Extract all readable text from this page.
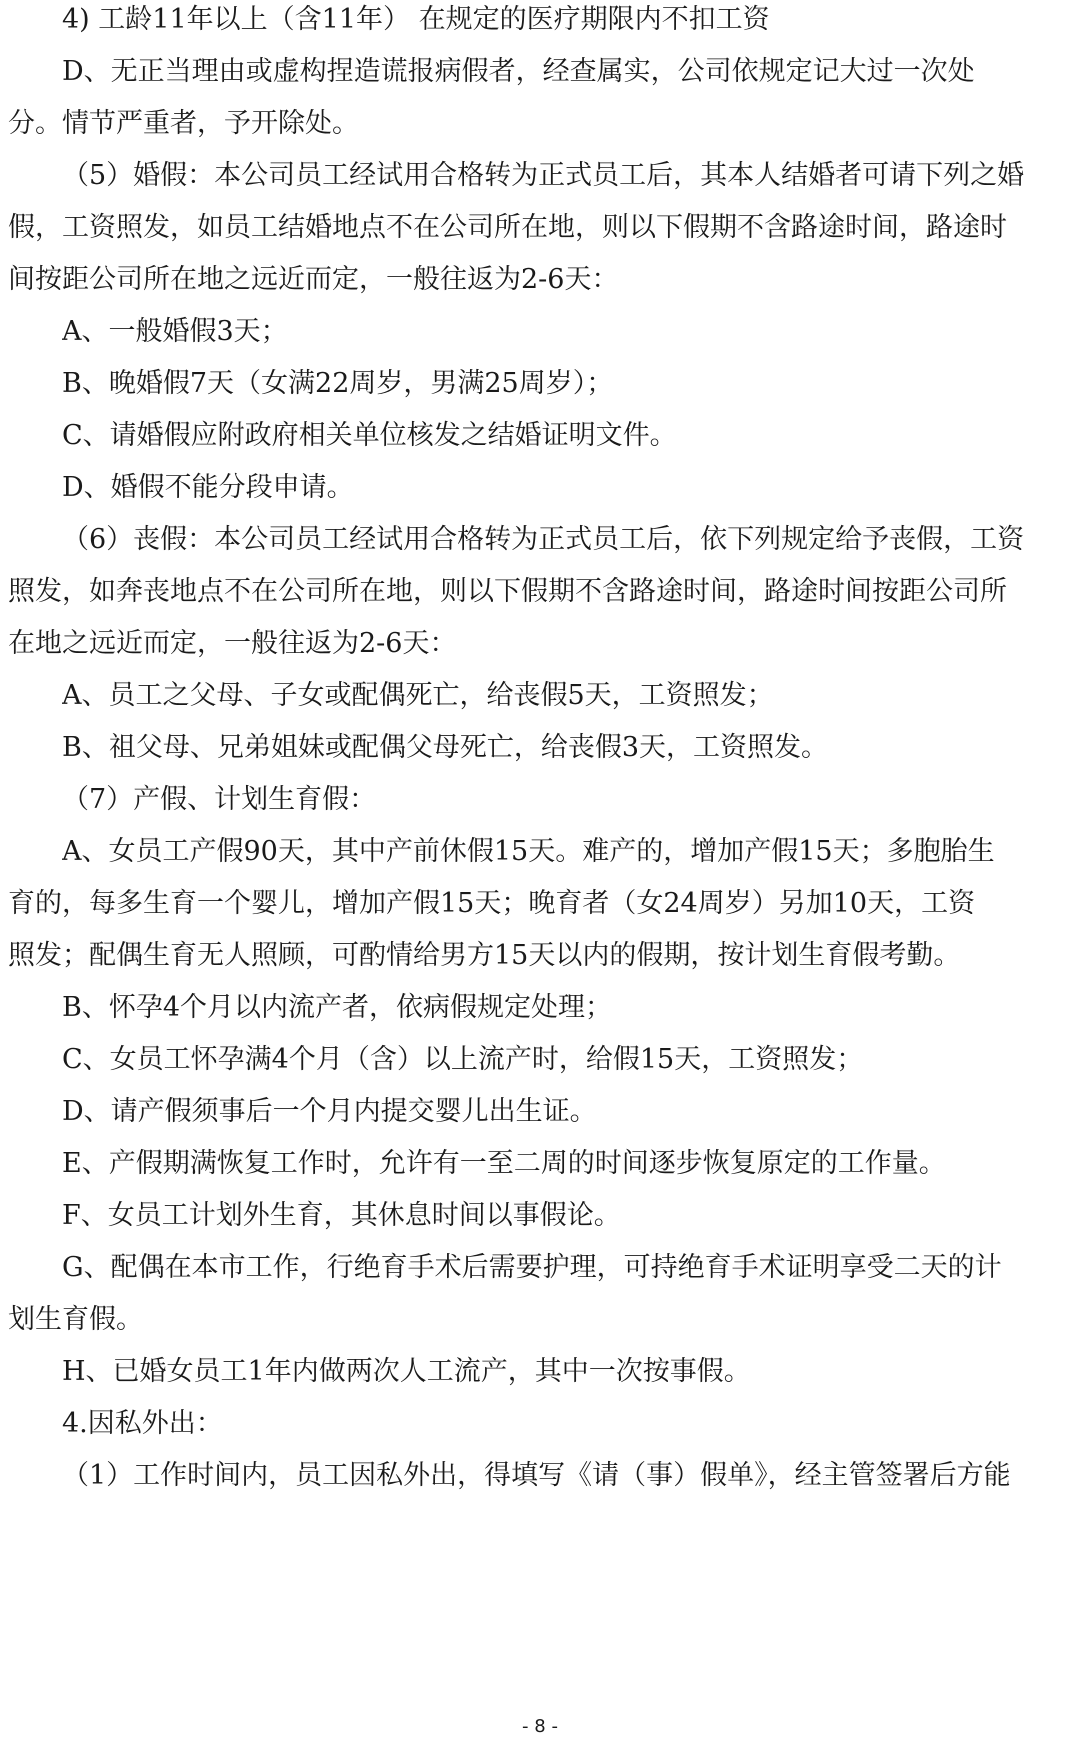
4) 工龄11年以上（含11年） 在规定的医疗期限内不扣工资
D、无正当理由或虚构捏造谎报病假者，经查属实，公司依规定记大过一次处
分。情节严重者，予开除处。
（5）婚假：本公司员工经试用合格转为正式员工后，其本人结婚者可请下列之婚
假，工资照发，如员工结婚地点不在公司所在地，则以下假期不含路途时间，路途时
间按距公司所在地之远近而定，一般往返为2-6天：
A、一般婚假3天；
B、晚婚假7天（女满22周岁，男满25周岁）；
C、请婚假应附政府相关单位核发之结婚证明文件。
D、婚假不能分段申请。
（6）丧假：本公司员工经试用合格转为正式员工后，依下列规定给予丧假，工资
照发，如奔丧地点不在公司所在地，则以下假期不含路途时间，路途时间按距公司所
在地之远近而定，一般往返为2-6天：
A、员工之父母、子女或配偶死亡，给丧假5天，工资照发；
B、祖父母、兄弟姐妹或配偶父母死亡，给丧假3天，工资照发。
（7）产假、计划生育假：
A、女员工产假90天，其中产前休假15天。难产的，增加产假15天；多胞胎生
育的，每多生育一个婴儿，增加产假15天；晚育者（女24周岁）另加10天，工资
照发；配偶生育无人照顾，可酌情给男方15天以内的假期，按计划生育假考勤。
B、怀孕4个月以内流产者，依病假规定处理；
C、女员工怀孕满4个月（含）以上流产时，给假15天，工资照发；
D、请产假须事后一个月内提交婴儿出生证。
E、产假期满恢复工作时，允许有一至二周的时间逐步恢复原定的工作量。
F、女员工计划外生育，其休息时间以事假论。
G、配偶在本市工作，行绝育手术后需要护理，可持绝育手术证明享受二天的计
划生育假。
H、已婚女员工1年内做两次人工流产，其中一次按事假。
4.因私外出：
（1）工作时间内，员工因私外出，得填写《请（事）假单》，经主管签署后方能
- 8 -
